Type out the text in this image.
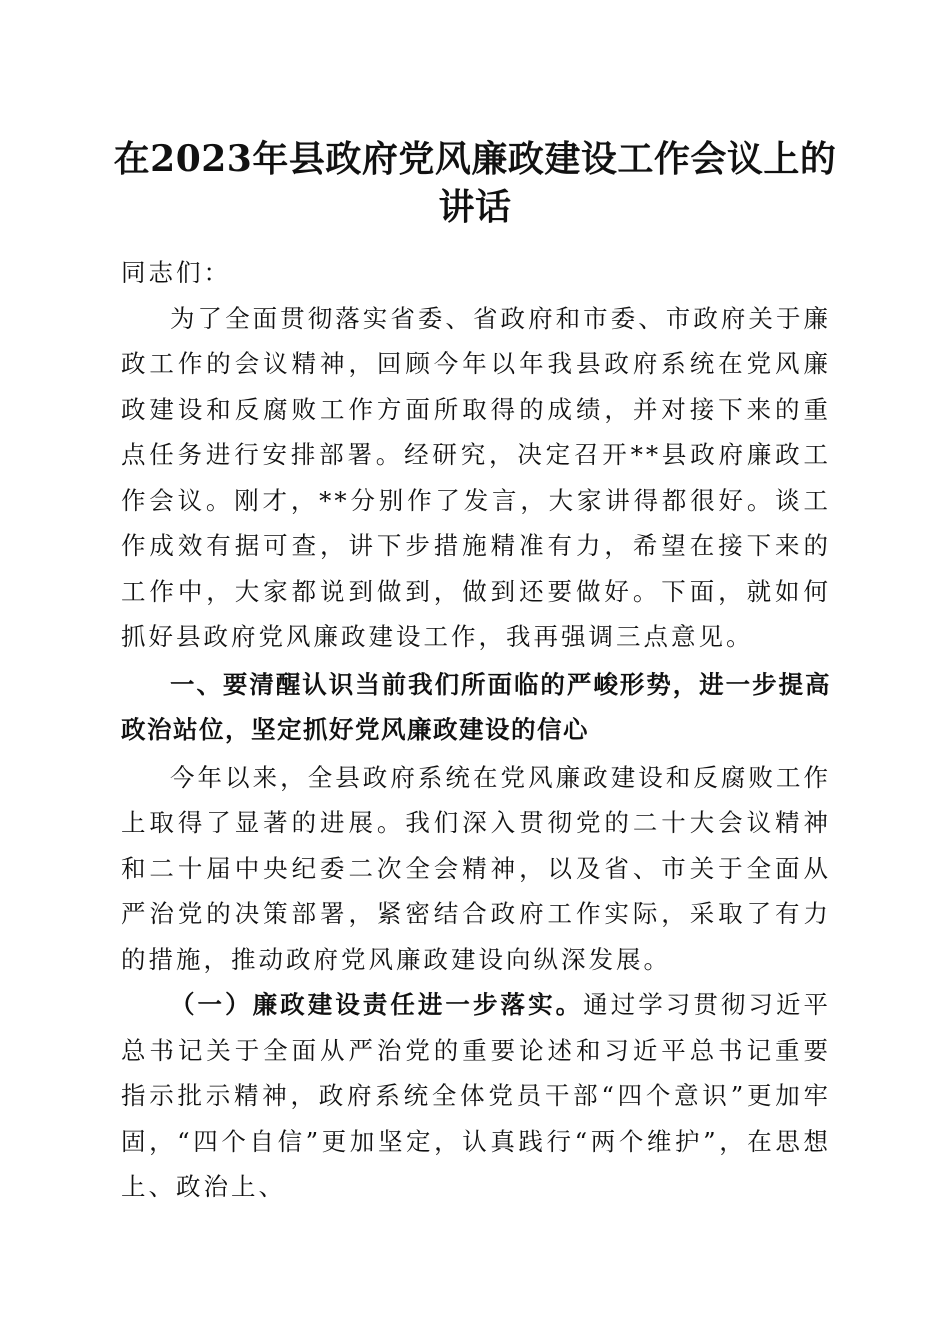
在2023年县政府党风廉政建设工作会议上的
讲话

同志们：

为了全面贯彻落实省委、省政府和市委、市政府关于廉政工作的会议精神，回顾今年以年我县政府系统在党风廉政建设和反腐败工作方面所取得的成绩，并对接下来的重点任务进行安排部署。经研究，决定召开**县政府廉政工作会议。刚才，**分别作了发言，大家讲得都很好。谈工作成效有据可查，讲下步措施精准有力，希望在接下来的工作中，大家都说到做到，做到还要做好。下面，就如何抓好县政府党风廉政建设工作，我再强调三点意见。

一、要清醒认识当前我们所面临的严峻形势，进一步提高政治站位，坚定抓好党风廉政建设的信心

今年以来，全县政府系统在党风廉政建设和反腐败工作上取得了显著的进展。我们深入贯彻党的二十大会议精神和二十届中央纪委二次全会精神，以及省、市关于全面从严治党的决策部署，紧密结合政府工作实际，采取了有力的措施，推动政府党风廉政建设向纵深发展。

（一）廉政建设责任进一步落实。通过学习贯彻习近平总书记关于全面从严治党的重要论述和习近平总书记重要指示批示精神，政府系统全体党员干部“四个意识”更加牢固，“四个自信”更加坚定，认真践行“两个维护”，在思想上、政治上、
